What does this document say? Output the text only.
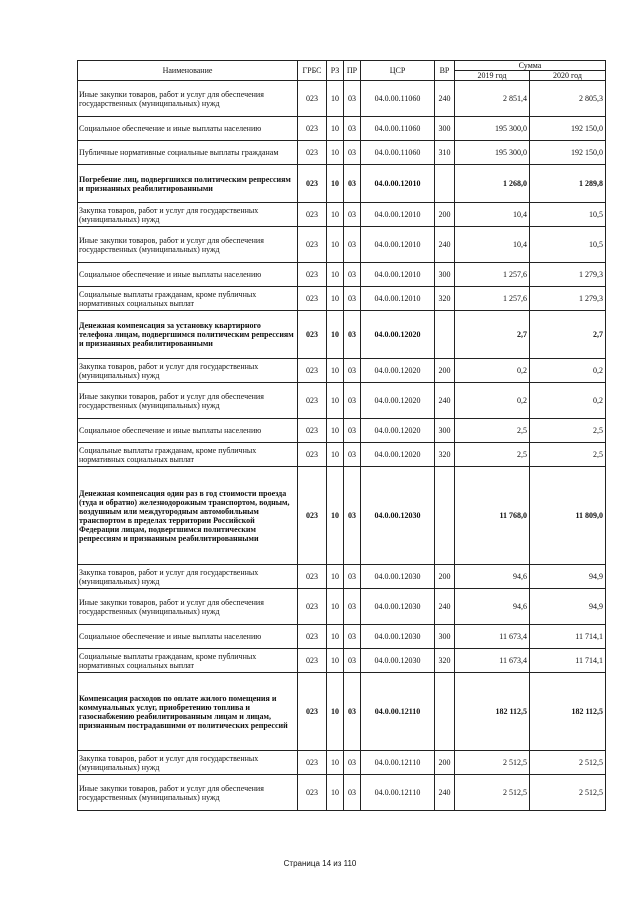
Наименование	ГРБС	РЗ	ПР	ЦСР	ВР	Сумма	
						2019 год	2020 год
Иные закупки товаров, работ и услуг для обеспечения государственных (муниципальных) нужд	023	10	03	04.0.00.11060	240	2 851,4	2 805,3
Социальное обеспечение и иные выплаты населению	023	10	03	04.0.00.11060	300	195 300,0	192 150,0
Публичные нормативные социальные выплаты гражданам	023	10	03	04.0.00.11060	310	195 300,0	192 150,0
Погребение лиц, подвергшихся политическим репрессиям и признанных реабилитированными	023	10	03	04.0.00.12010		1 268,0	1 289,8
Закупка товаров, работ и услуг для государственных (муниципальных) нужд	023	10	03	04.0.00.12010	200	10,4	10,5
Иные закупки товаров, работ и услуг для обеспечения государственных (муниципальных) нужд	023	10	03	04.0.00.12010	240	10,4	10,5
Социальное обеспечение и иные выплаты населению	023	10	03	04.0.00.12010	300	1 257,6	1 279,3
Социальные выплаты гражданам, кроме публичных нормативных социальных выплат	023	10	03	04.0.00.12010	320	1 257,6	1 279,3
Денежная компенсация за установку квартирного телефона лицам, подвергшимся политическим репрессиям и признанных реабилитированными	023	10	03	04.0.00.12020		2,7	2,7
Закупка товаров, работ и услуг для государственных (муниципальных) нужд	023	10	03	04.0.00.12020	200	0,2	0,2
Иные закупки товаров, работ и услуг для обеспечения государственных (муниципальных) нужд	023	10	03	04.0.00.12020	240	0,2	0,2
Социальное обеспечение и иные выплаты населению	023	10	03	04.0.00.12020	300	2,5	2,5
Социальные выплаты гражданам, кроме публичных нормативных социальных выплат	023	10	03	04.0.00.12020	320	2,5	2,5
Денежная компенсация один раз в год стоимости проезда (туда и обратно) железнодорожным транспортом, водным, воздушным или междугородным автомобильным транспортом в пределах территории Российской Федерации лицам, подвергшимся политическим репрессиям и признанным реабилитированными	023	10	03	04.0.00.12030		11 768,0	11 809,0
Закупка товаров, работ и услуг для государственных (муниципальных) нужд	023	10	03	04.0.00.12030	200	94,6	94,9
Иные закупки товаров, работ и услуг для обеспечения государственных (муниципальных) нужд	023	10	03	04.0.00.12030	240	94,6	94,9
Социальное обеспечение и иные выплаты населению	023	10	03	04.0.00.12030	300	11 673,4	11 714,1
Социальные выплаты гражданам, кроме публичных нормативных социальных выплат	023	10	03	04.0.00.12030	320	11 673,4	11 714,1
Компенсация расходов по оплате жилого помещения и коммунальных услуг, приобретению топлива и газоснабжению реабилитированным лицам и лицам, признанным пострадавшими от политических репрессий	023	10	03	04.0.00.12110		182 112,5	182 112,5
Закупка товаров, работ и услуг для государственных (муниципальных) нужд	023	10	03	04.0.00.12110	200	2 512,5	2 512,5
Иные закупки товаров, работ и услуг для обеспечения государственных (муниципальных) нужд	023	10	03	04.0.00.12110	240	2 512,5	2 512,5
Страница 14 из 110
